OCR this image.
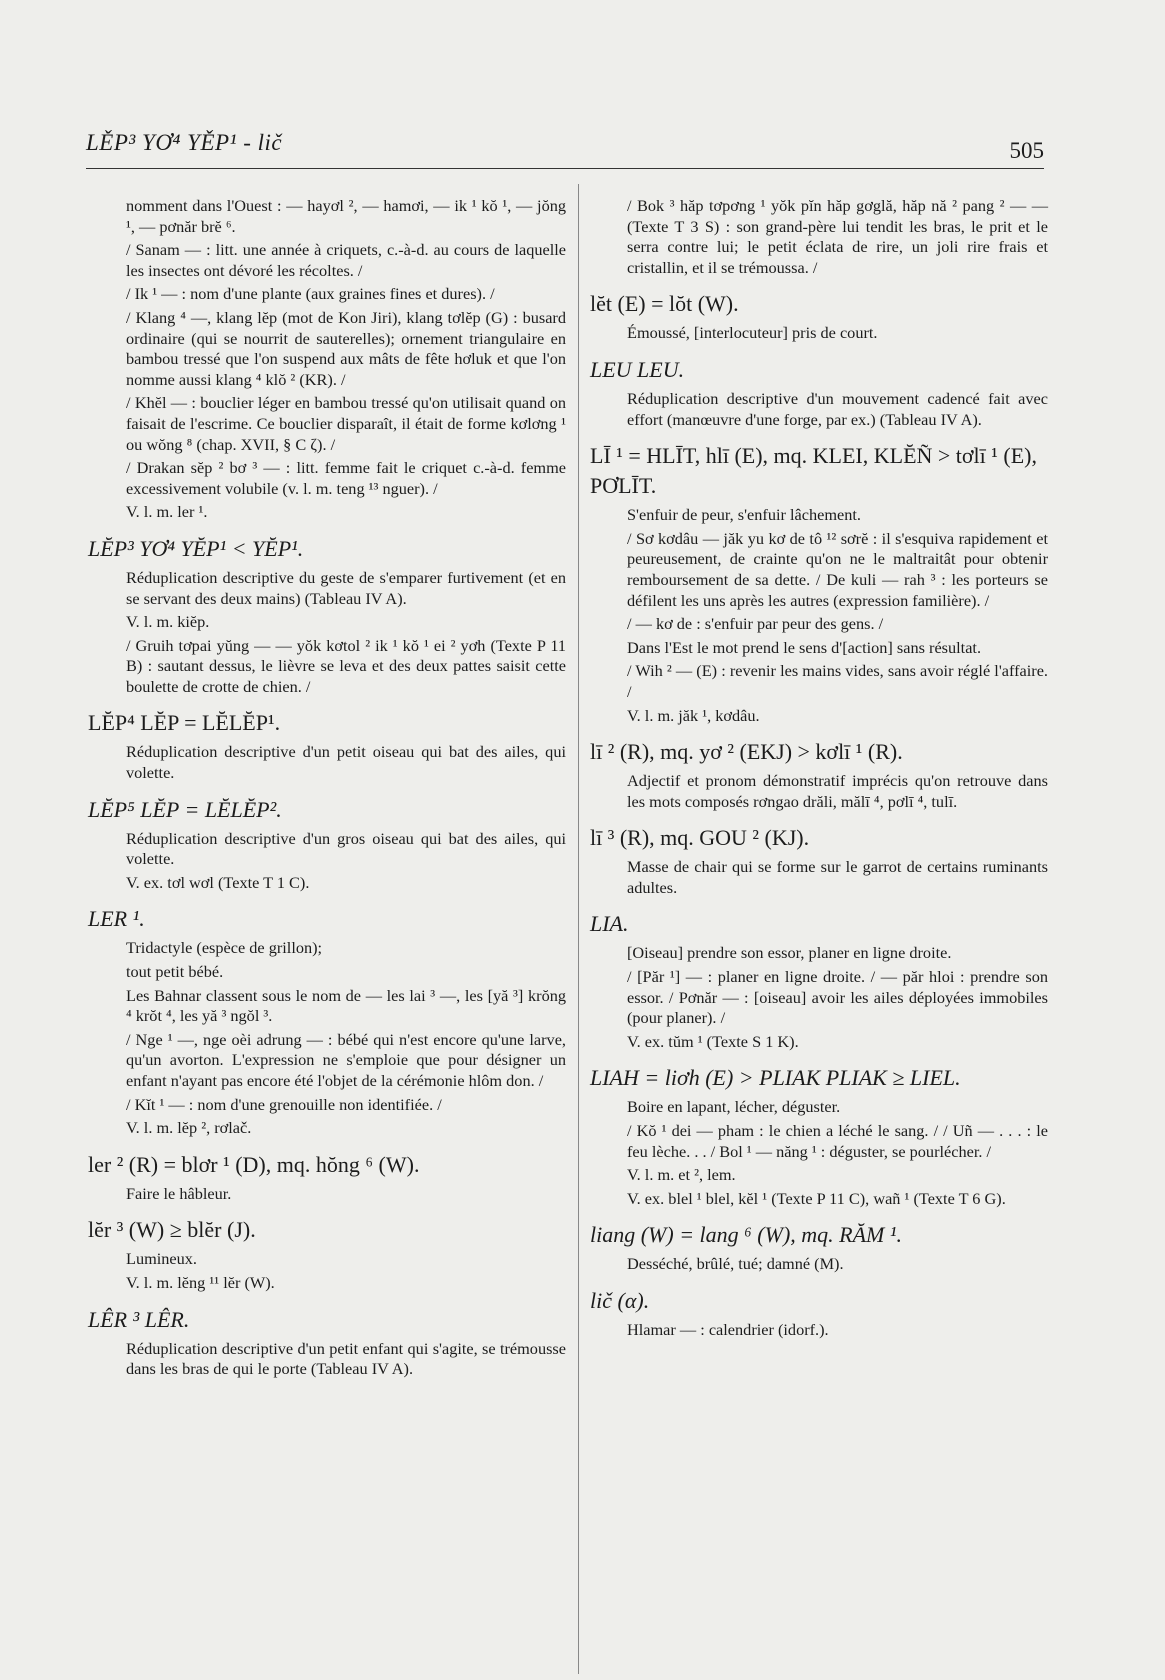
LĚP³ YƠ⁴ YĚP¹ - lič	505
nomment dans l'Ouest : — hayơl ², — hamơi, — ik ¹ kŏ ¹, — jŏng ¹, — pơnăr brĕ ⁶.
/ Sanam — : litt. une année à criquets, c.-à-d. au cours de laquelle les insectes ont dévoré les récoltes. /
/ Ik ¹ — : nom d'une plante (aux graines fines et dures). /
/ Klang ⁴ —, klang lĕp (mot de Kon Jiri), klang tơlĕp (G) : busard ordinaire (qui se nourrit de sauterelles); ornement triangulaire en bambou tressé que l'on suspend aux mâts de fête hơluk et que l'on nomme aussi klang ⁴ klŏ ² (KR). /
/ Khĕl — : bouclier léger en bambou tressé qu'on utilisait quand on faisait de l'escrime. Ce bouclier disparaît, il était de forme kơlơng ¹ ou wŏng ⁸ (chap. XVII, § C ζ). /
/ Drakan sĕp ² bơ ³ — : litt. femme fait le criquet c.-à-d. femme excessivement volubile (v. l. m. teng ¹³ nguer). /
V. l. m. ler ¹.
LĔP³ YƠ⁴ YĔP¹ < YĔP¹.
Réduplication descriptive du geste de s'emparer furtivement (et en se servant des deux mains) (Tableau IV A).
V. l. m. kiĕp.
/ Gruih tơpai yŭng — — yŏk kơtol ² ik ¹ kŏ ¹ ei ² yơh (Texte P 11 B) : sautant dessus, le lièvre se leva et des deux pattes saisit cette boulette de crotte de chien. /
LĔP⁴ LĔP = LĔLĔP¹.
Réduplication descriptive d'un petit oiseau qui bat des ailes, qui volette.
LĔP⁵ LĔP = LĔLĔP².
Réduplication descriptive d'un gros oiseau qui bat des ailes, qui volette.
V. ex. tơl wơl (Texte T 1 C).
LER ¹.
Tridactyle (espèce de grillon);
tout petit bébé.
Les Bahnar classent sous le nom de — les lai ³ —, les [yă ³] krŏng ⁴ krŏt ⁴, les yă ³ ngŏl ³.
/ Nge ¹ —, nge oèi adrung — : bébé qui n'est encore qu'une larve, qu'un avorton. L'expression ne s'emploie que pour désigner un enfant n'ayant pas encore été l'objet de la cérémonie hlôm don. /
/ Kĭt ¹ — : nom d'une grenouille non identifiée. /
V. l. m. lĕp ², rơlač.
ler ² (R) = blơr ¹ (D), mq. hŏng ⁶ (W).
Faire le hâbleur.
lĕr ³ (W) ≥ blĕr (J).
Lumineux.
V. l. m. lĕng ¹¹ lĕr (W).
LÊR ³ LÊR.
Réduplication descriptive d'un petit enfant qui s'agite, se trémousse dans les bras de qui le porte (Tableau IV A).
/ Bok ³ hăp tơpơng ¹ yŏk pĭn hăp gơglă, hăp nă ² pang ² — — (Texte T 3 S) : son grand-père lui tendit les bras, le prit et le serra contre lui; le petit éclata de rire, un joli rire frais et cristallin, et il se trémoussa. /
lĕt (E) = lŏt (W).
Émoussé, [interlocuteur] pris de court.
LEU LEU.
Réduplication descriptive d'un mouvement cadencé fait avec effort (manœuvre d'une forge, par ex.) (Tableau IV A).
LĪ ¹ = HLĪT, hlī (E), mq. KLEI, KLĔÑ > tơlī ¹ (E), PƠLĪT.
S'enfuir de peur, s'enfuir lâchement.
/ Sơ kơdâu — jăk yu kơ de tô ¹² sơrĕ : il s'esquiva rapidement et peureusement, de crainte qu'on ne le maltraitât pour obtenir remboursement de sa dette. / De kuli — rah ³ : les porteurs se défilent les uns après les autres (expression familière). /
/ — kơ de : s'enfuir par peur des gens. /
Dans l'Est le mot prend le sens d'[action] sans résultat.
/ Wih ² — (E) : revenir les mains vides, sans avoir réglé l'affaire. /
V. l. m. jăk ¹, kơdâu.
lī ² (R), mq. yơ ² (EKJ) > kơlī ¹ (R).
Adjectif et pronom démonstratif imprécis qu'on retrouve dans les mots composés rơngao drăli, mălī ⁴, pơlī ⁴, tulī.
lī ³ (R), mq. GOU ² (KJ).
Masse de chair qui se forme sur le garrot de certains ruminants adultes.
LIA.
[Oiseau] prendre son essor, planer en ligne droite.
/ [Păr ¹] — : planer en ligne droite. / — păr hloi : prendre son essor. / Pơnăr — : [oiseau] avoir les ailes déployées immobiles (pour planer). /
V. ex. tŭm ¹ (Texte S 1 K).
LIAH = liơh (E) > PLIAK PLIAK ≥ LIEL.
Boire en lapant, lécher, déguster.
/ Kŏ ¹ dei — pham : le chien a léché le sang. / / Uñ — . . . : le feu lèche. . . / Bol ¹ — năng ¹ : déguster, se pourlécher. /
V. l. m. et ², lem.
V. ex. blel ¹ blel, kĕl ¹ (Texte P 11 C), wañ ¹ (Texte T 6 G).
liang (W) = lang ⁶ (W), mq. RĂM ¹.
Desséché, brûlé, tué; damné (M).
lič (α).
Hlamar — : calendrier (idorf.).
